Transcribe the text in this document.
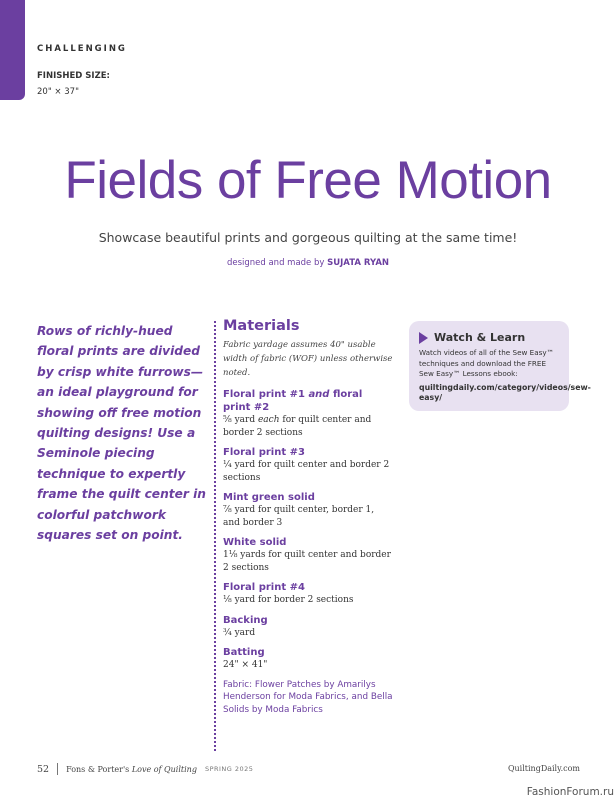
CHALLENGING
FINISHED SIZE:
20" × 37"
Fields of Free Motion
Showcase beautiful prints and gorgeous quilting at the same time!
designed and made by SUJATA RYAN
Rows of richly-hued floral prints are divided by crisp white furrows—an ideal playground for showing off free motion quilting designs! Use a Seminole piecing technique to expertly frame the quilt center in colorful patchwork squares set on point.
Materials
Fabric yardage assumes 40" usable width of fabric (WOF) unless otherwise noted.
Floral print #1 and floral print #2
⅝ yard each for quilt center and border 2 sections
Floral print #3
¼ yard for quilt center and border 2 sections
Mint green solid
⅞ yard for quilt center, border 1, and border 3
White solid
1⅛ yards for quilt center and border 2 sections
Floral print #4
⅛ yard for border 2 sections
Backing
¾ yard
Batting
24" × 41"
Fabric: Flower Patches by Amarilys Henderson for Moda Fabrics, and Bella Solids by Moda Fabrics
Watch & Learn
Watch videos of all of the Sew Easy™ techniques and download the FREE Sew Easy™ Lessons ebook:
quiltingdaily.com/category/videos/sew-easy/
52 Fons & Porter's Love of Quilting SPRING 2025	QuiltingDaily.com
FashionForum.ru
